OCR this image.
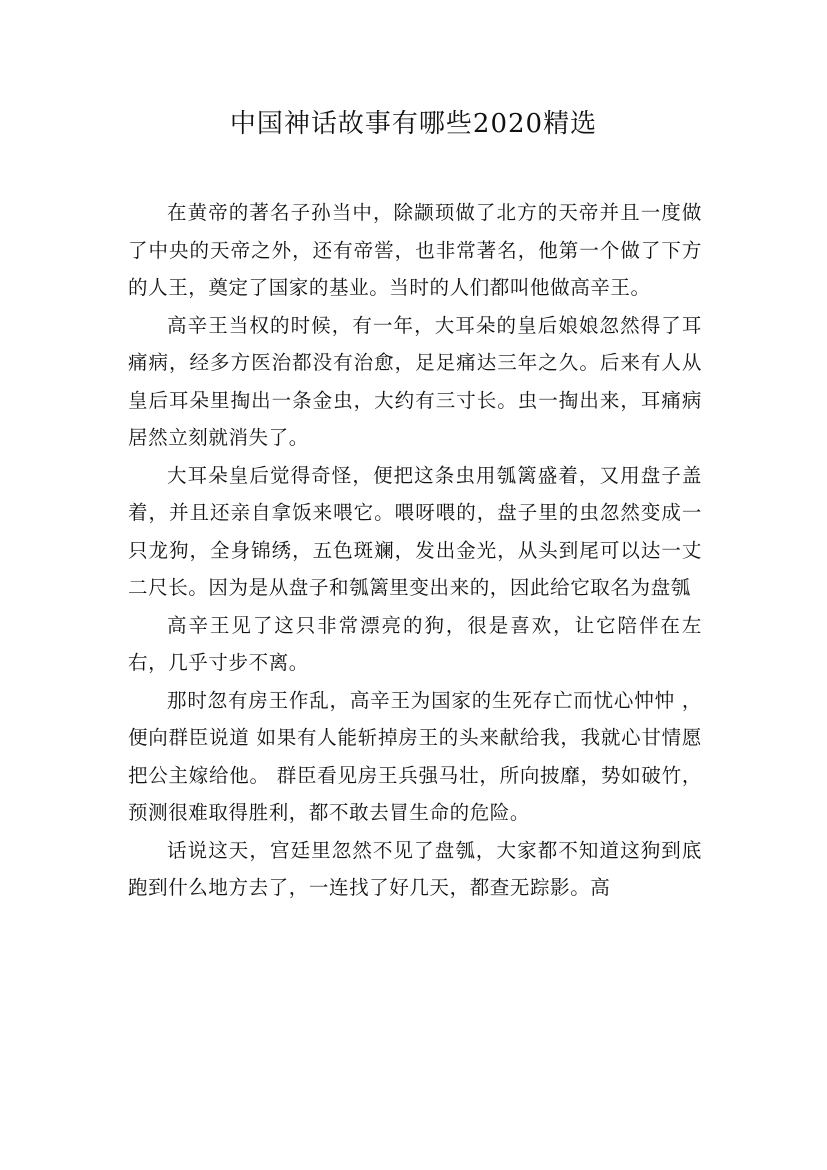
中国神话故事有哪些2020精选

在黄帝的著名子孙当中，除颛顼做了北方的天帝并且一度做了中央的天帝之外，还有帝喾，也非常著名，他第一个做了下方的人王，奠定了国家的基业。当时的人们都叫他做高辛王。

高辛王当权的时候，有一年，大耳朵的皇后娘娘忽然得了耳痛病，经多方医治都没有治愈，足足痛达三年之久。后来有人从皇后耳朵里掏出一条金虫，大约有三寸长。虫一掏出来，耳痛病居然立刻就消失了。

大耳朵皇后觉得奇怪，便把这条虫用瓠篱盛着，又用盘子盖着，并且还亲自拿饭来喂它。喂呀喂的，盘子里的虫忽然变成一只龙狗，全身锦绣，五色斑斓，发出金光，从头到尾可以达一丈二尺长。因为是从盘子和瓠篱里变出来的，因此给它取名为盘瓠

高辛王见了这只非常漂亮的狗，很是喜欢，让它陪伴在左右，几乎寸步不离。

那时忽有房王作乱，高辛王为国家的生死存亡而忧心忡忡 ，便向群臣说道 如果有人能斩掉房王的头来献给我，我就心甘情愿把公主嫁给他。 群臣看见房王兵强马壮，所向披靡，势如破竹，预测很难取得胜利，都不敢去冒生命的危险。

话说这天，宫廷里忽然不见了盘瓠，大家都不知道这狗到底跑到什么地方去了，一连找了好几天，都查无踪影。高
